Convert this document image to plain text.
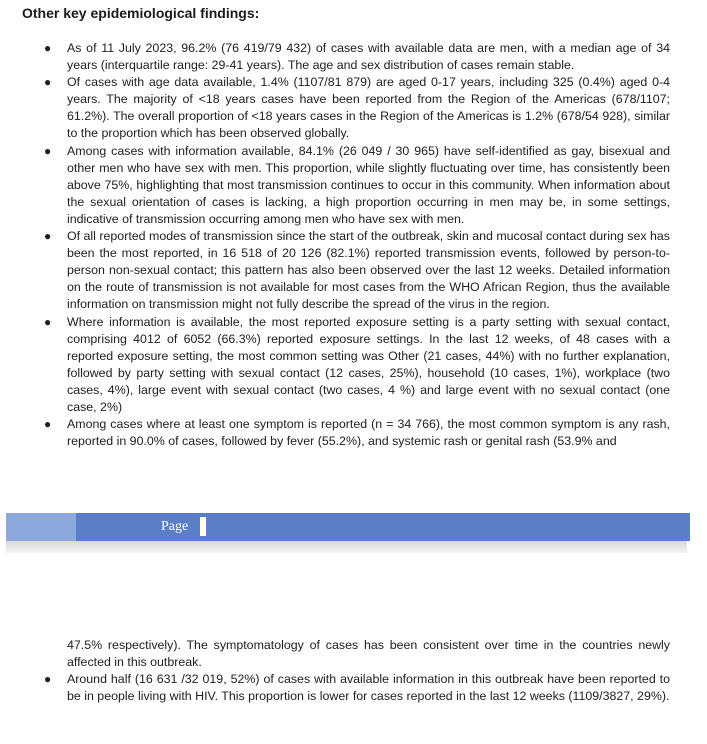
Other key epidemiological findings:

● As of 11 July 2023, 96.2% (76 419/79 432) of cases with available data are men, with a median age of 34 years (interquartile range: 29-41 years). The age and sex distribution of cases remain stable.
● Of cases with age data available, 1.4% (1107/81 879) are aged 0-17 years, including 325 (0.4%) aged 0-4 years. The majority of <18 years cases have been reported from the Region of the Americas (678/1107; 61.2%). The overall proportion of <18 years cases in the Region of the Americas is 1.2% (678/54 928), similar to the proportion which has been observed globally.
● Among cases with information available, 84.1% (26 049 / 30 965) have self-identified as gay, bisexual and other men who have sex with men. This proportion, while slightly fluctuating over time, has consistently been above 75%, highlighting that most transmission continues to occur in this community. When information about the sexual orientation of cases is lacking, a high proportion occurring in men may be, in some settings, indicative of transmission occurring among men who have sex with men.
● Of all reported modes of transmission since the start of the outbreak, skin and mucosal contact during sex has been the most reported, in 16 518 of 20 126 (82.1%) reported transmission events, followed by person-to-person non-sexual contact; this pattern has also been observed over the last 12 weeks. Detailed information on the route of transmission is not available for most cases from the WHO African Region, thus the available information on transmission might not fully describe the spread of the virus in the region.
● Where information is available, the most reported exposure setting is a party setting with sexual contact, comprising 4012 of 6052 (66.3%) reported exposure settings. In the last 12 weeks, of 48 cases with a reported exposure setting, the most common setting was Other (21 cases, 44%) with no further explanation, followed by party setting with sexual contact (12 cases, 25%), household (10 cases, 1%), workplace (two cases, 4%), large event with sexual contact (two cases, 4 %) and large event with no sexual contact (one case, 2%)
● Among cases where at least one symptom is reported (n = 34 766), the most common symptom is any rash, reported in 90.0% of cases, followed by fever (55.2%), and systemic rash or genital rash (53.9% and
Page
47.5% respectively). The symptomatology of cases has been consistent over time in the countries newly affected in this outbreak.
● Around half (16 631 /32 019, 52%) of cases with available information in this outbreak have been reported to be in people living with HIV. This proportion is lower for cases reported in the last 12 weeks (1109/3827, 29%).
